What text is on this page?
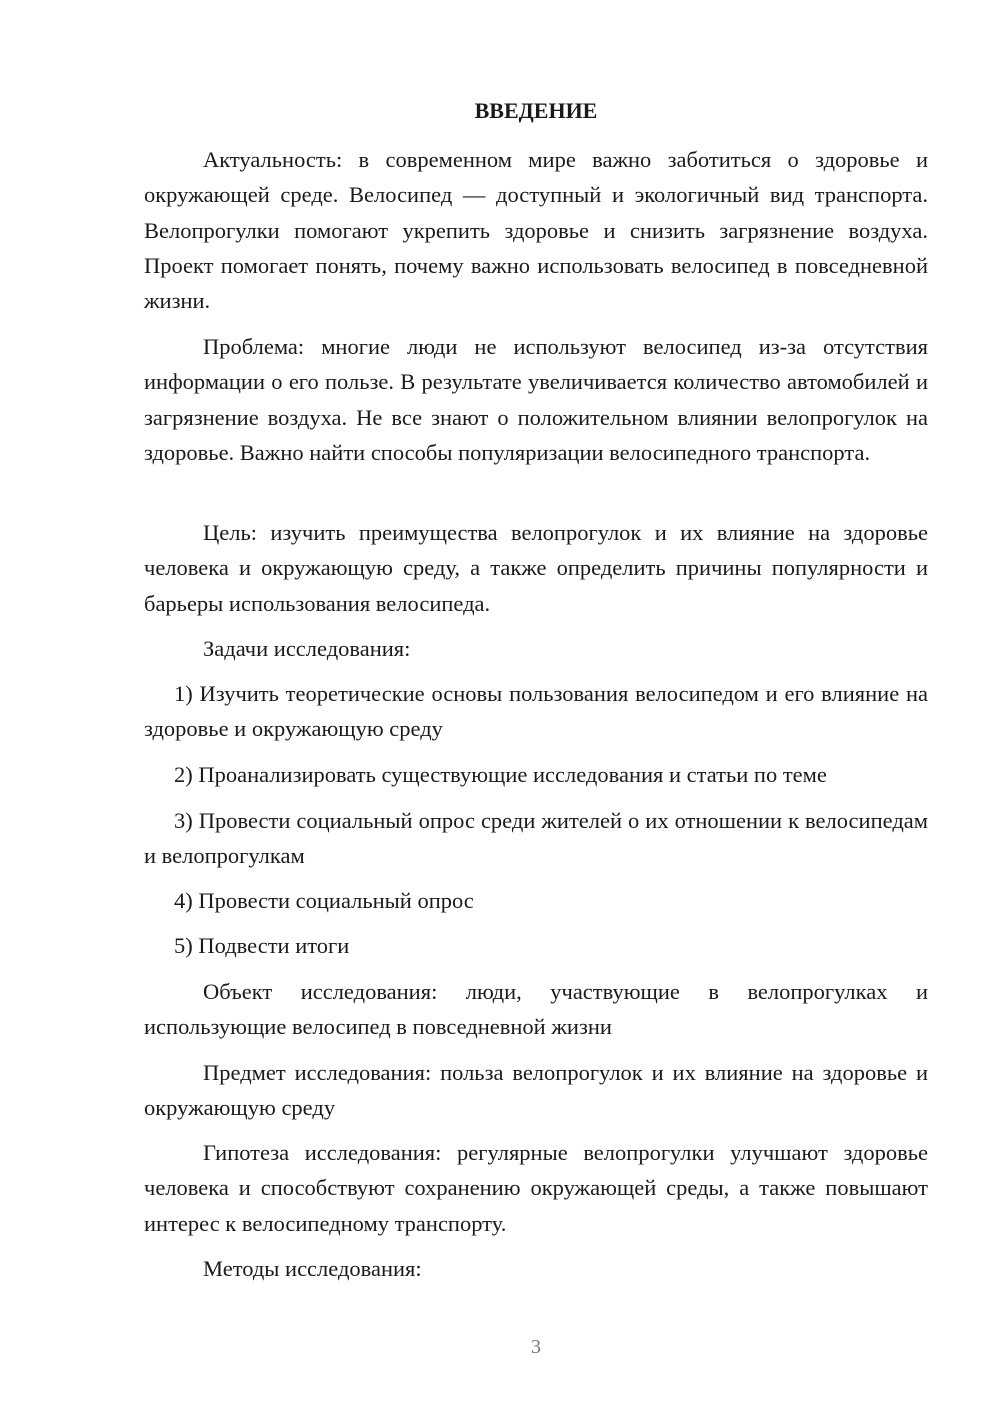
ВВЕДЕНИЕ

Актуальность: в современном мире важно заботиться о здоровье и окружающей среде. Велосипед — доступный и экологичный вид транспорта. Велопрогулки помогают укрепить здоровье и снизить загрязнение воздуха. Проект помогает понять, почему важно использовать велосипед в повседневной жизни.

Проблема: многие люди не используют велосипед из-за отсутствия информации о его пользе. В результате увеличивается количество автомобилей и загрязнение воздуха. Не все знают о положительном влиянии велопрогулок на здоровье. Важно найти способы популяризации велосипедного транспорта.

Цель: изучить преимущества велопрогулок и их влияние на здоровье человека и окружающую среду, а также определить причины популярности и барьеры использования велосипеда.

Задачи исследования:

1) Изучить теоретические основы пользования велосипедом и его влияние на здоровье и окружающую среду

2) Проанализировать существующие исследования и статьи по теме

3) Провести социальный опрос среди жителей о их отношении к велосипедам и велопрогулкам

4) Провести социальный опрос

5) Подвести итоги

Объект исследования: люди, участвующие в велопрогулках и использующие велосипед в повседневной жизни

Предмет исследования: польза велопрогулок и их влияние на здоровье и окружающую среду

Гипотеза исследования: регулярные велопрогулки улучшают здоровье человека и способствуют сохранению окружающей среды, а также повышают интерес к велосипедному транспорту.

Методы исследования:

3
